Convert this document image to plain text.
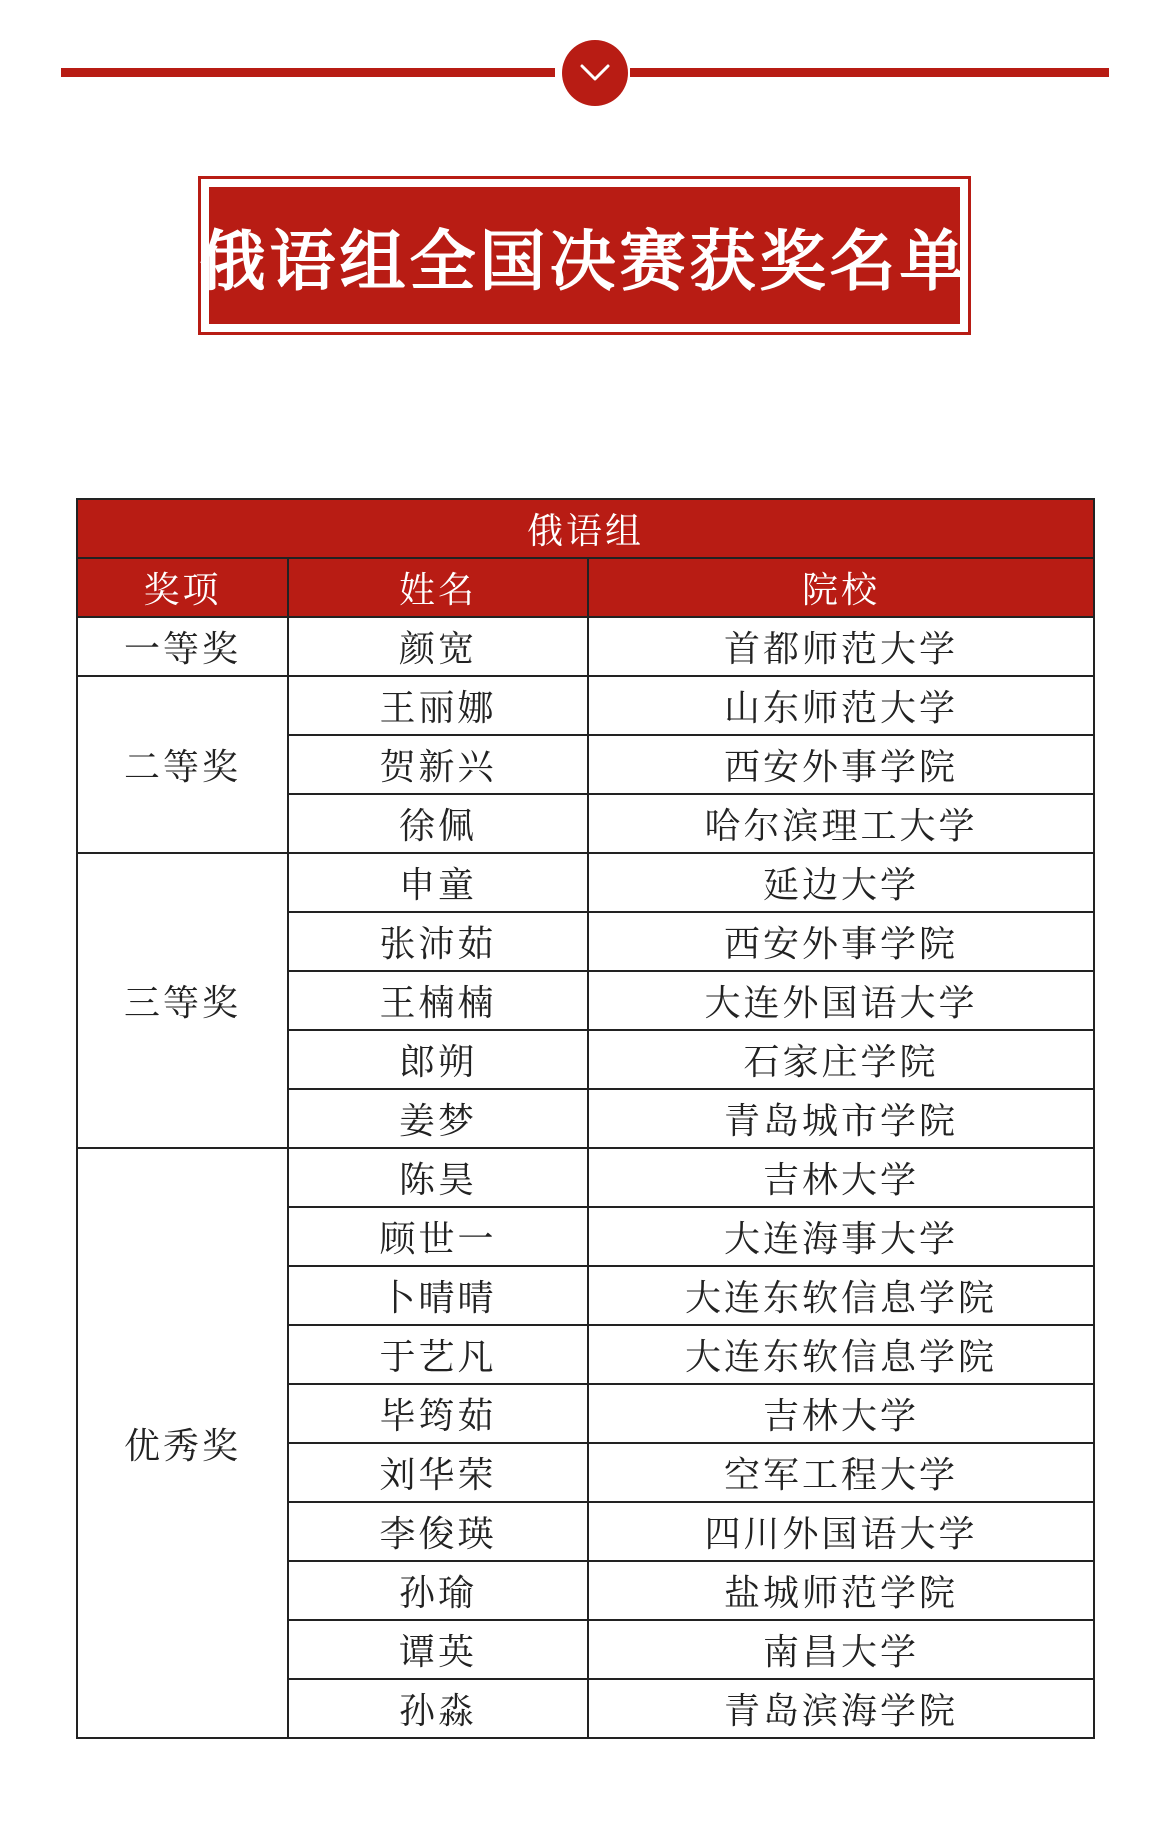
俄语组全国决赛获奖名单
俄语组		
奖项	姓名	院校
一等奖	颜宽	首都师范大学
二等奖	王丽娜	山东师范大学
	贺新兴	西安外事学院
	徐佩	哈尔滨理工大学
三等奖	申童	延边大学
	张沛茹	西安外事学院
	王楠楠	大连外国语大学
	郎朔	石家庄学院
	姜梦	青岛城市学院
优秀奖	陈昊	吉林大学
	顾世一	大连海事大学
	卜晴晴	大连东软信息学院
	于艺凡	大连东软信息学院
	毕筠茹	吉林大学
	刘华荣	空军工程大学
	李俊瑛	四川外国语大学
	孙瑜	盐城师范学院
	谭英	南昌大学
	孙淼	青岛滨海学院
